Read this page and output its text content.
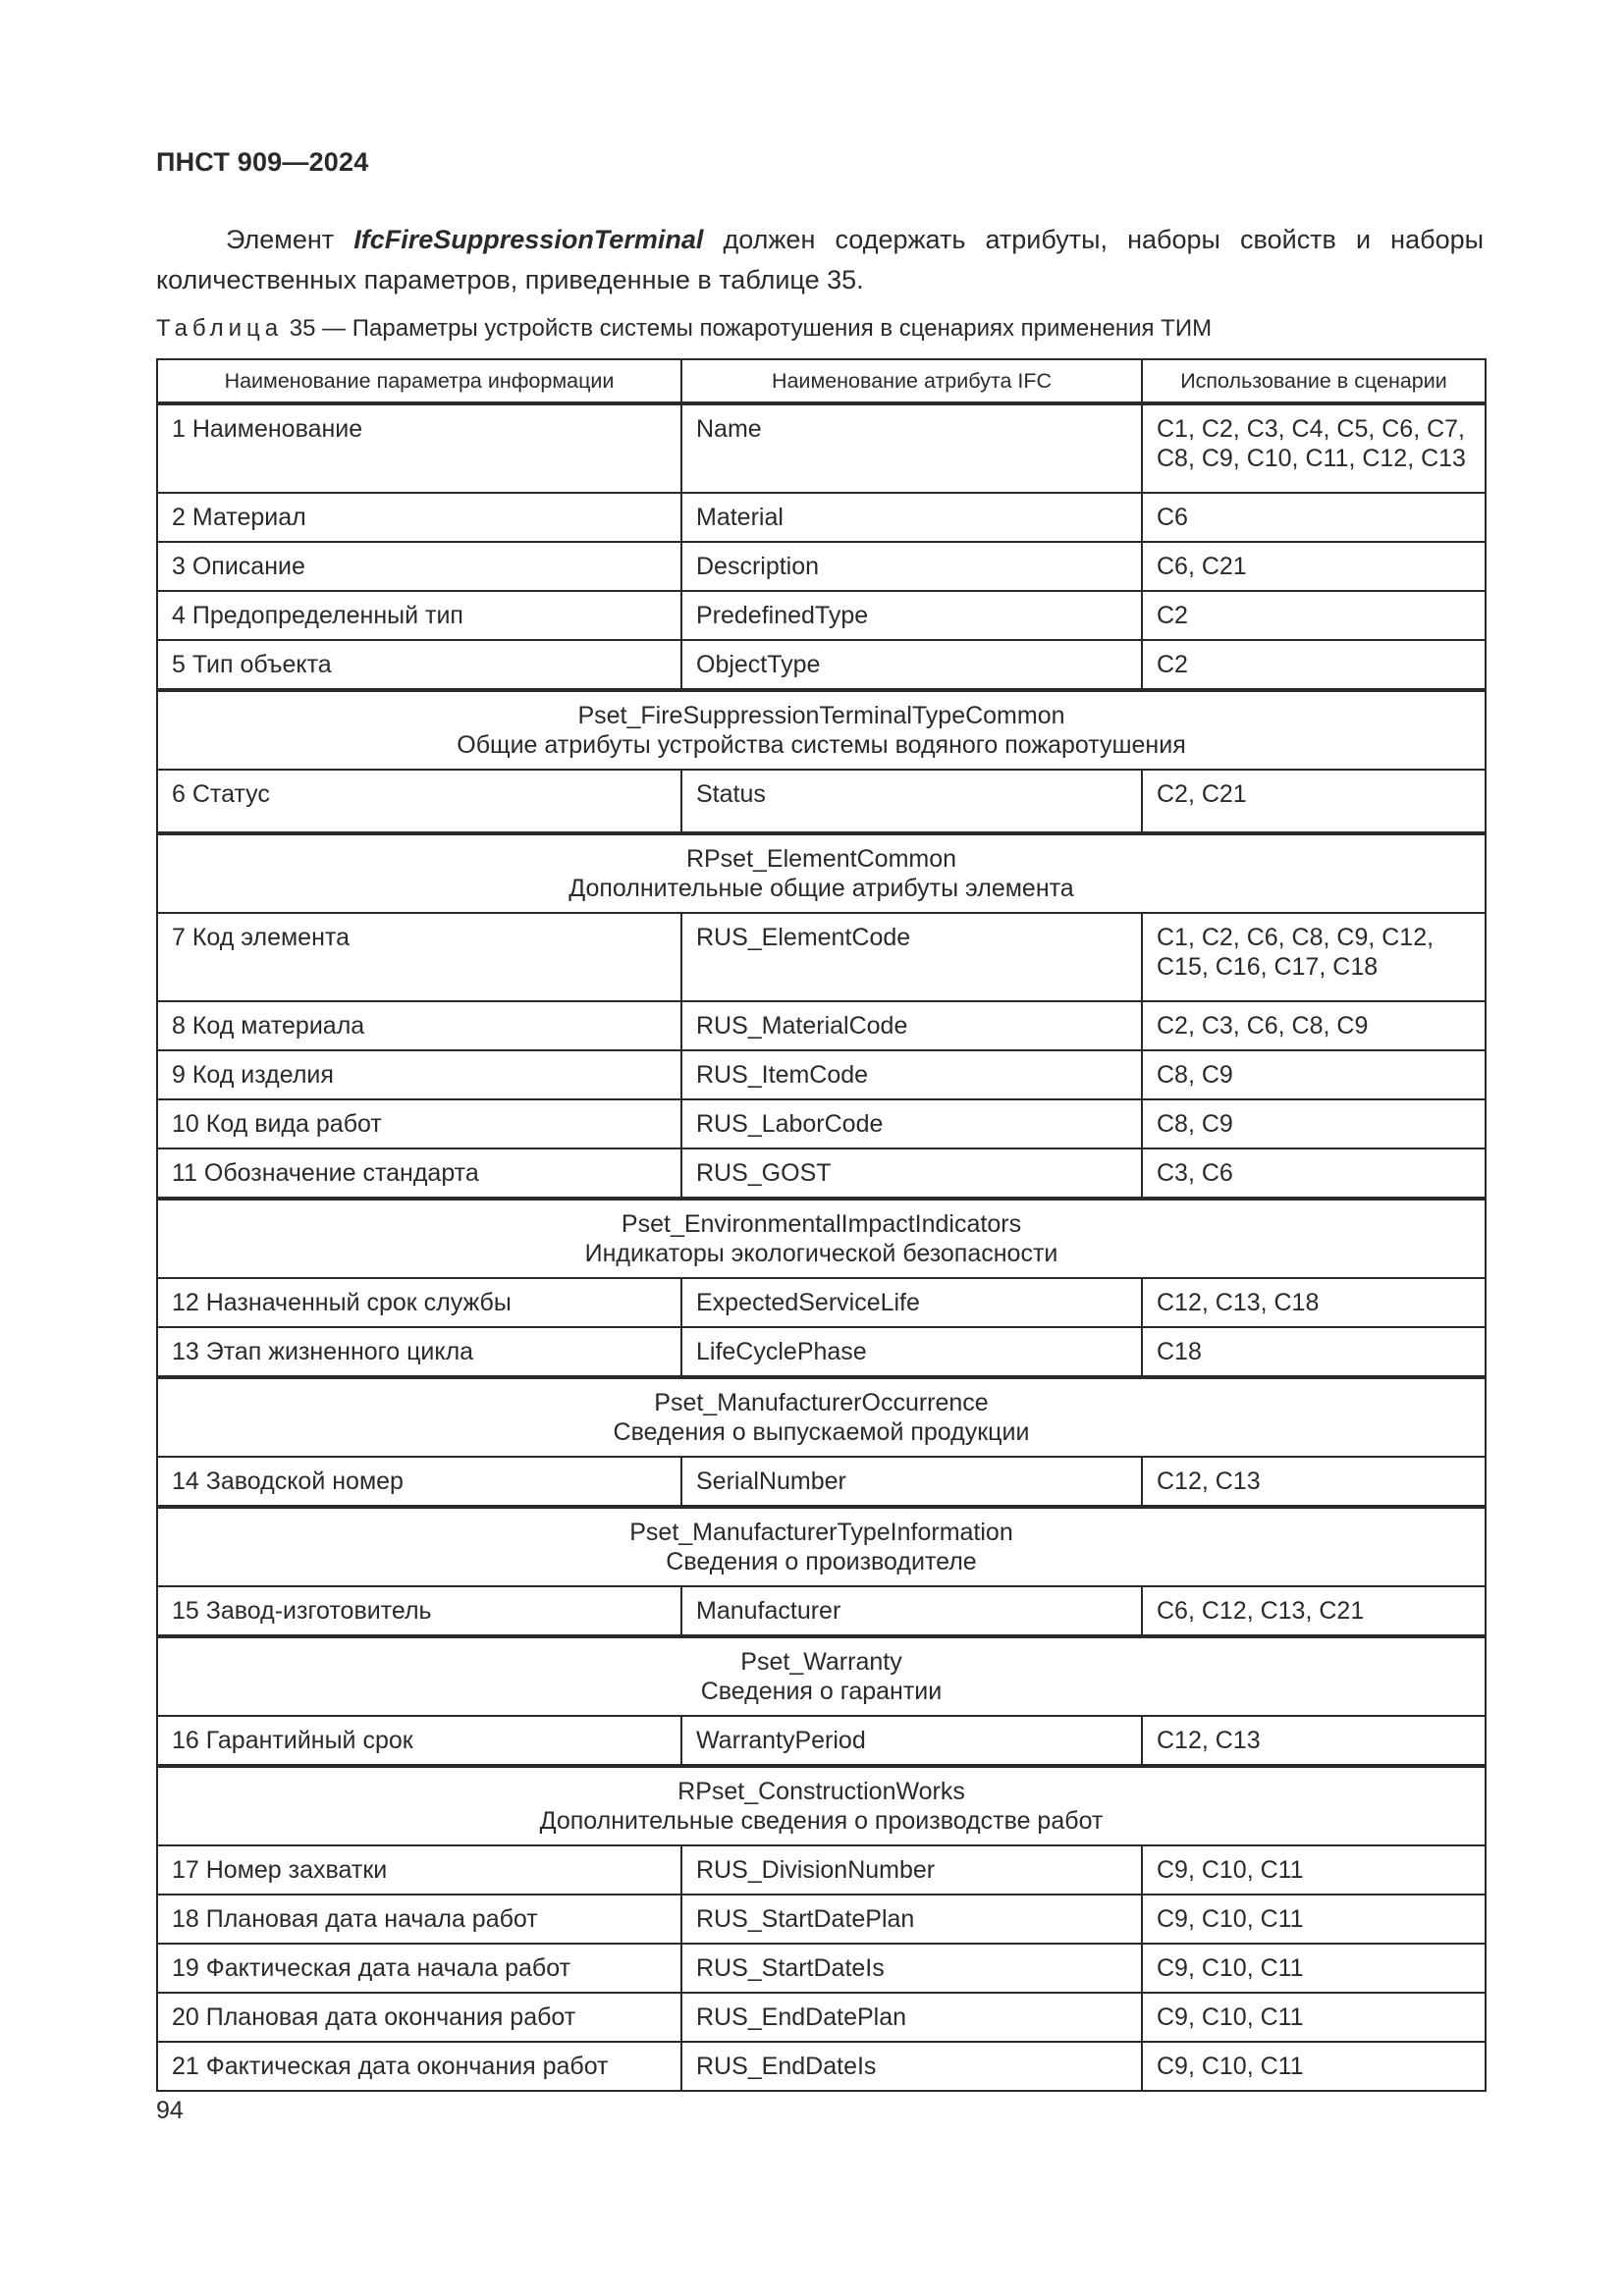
ПНСТ 909—2024

Элемент IfcFireSuppressionTerminal должен содержать атрибуты, наборы свойств и наборы количественных параметров, приведенные в таблице 35.

Таблица 35 — Параметры устройств системы пожаротушения в сценариях применения ТИМ
Наименование параметра информации	Наименование атрибута IFC	Использование в сценарии
1 Наименование	Name	С1, С2, С3, С4, С5, С6, С7, С8, С9, С10, С11, С12, С13
2 Материал	Material	С6
3 Описание	Description	С6, С21
4 Предопределенный тип	PredefinedType	С2
5 Тип объекта	ObjectType	С2

Pset_FireSuppressionTerminalTypeCommon
Общие атрибуты устройства системы водяного пожаротушения		

6 Статус	Status	С2, С21

RPset_ElementCommon
Дополнительные общие атрибуты элемента		

7 Код элемента	RUS_ElementCode	С1, С2, С6, С8, С9, С12, С15, С16, С17, С18
8 Код материала	RUS_MaterialCode	С2, С3, С6, С8, С9
9 Код изделия	RUS_ItemCode	С8, С9
10 Код вида работ	RUS_LaborCode	С8, С9
11 Обозначение стандарта	RUS_GOST	С3, С6

Pset_EnvironmentalImpactIndicators
Индикаторы экологической безопасности		

12 Назначенный срок службы	ExpectedServiceLife	С12, С13, С18
13 Этап жизненного цикла	LifeCyclePhase	С18

Pset_ManufacturerOccurrence
Сведения о выпускаемой продукции		

14 Заводской номер	SerialNumber	С12, С13

Pset_ManufacturerTypeInformation
Сведения о производителе		

15 Завод-изготовитель	Manufacturer	С6, С12, С13, С21

Pset_Warranty
Сведения о гарантии		

16 Гарантийный срок	WarrantyPeriod	С12, С13

RPset_ConstructionWorks
Дополнительные сведения о производстве работ		

17 Номер захватки	RUS_DivisionNumber	С9, С10, С11
18 Плановая дата начала работ	RUS_StartDatePlan	С9, С10, С11
19 Фактическая дата начала работ	RUS_StartDateIs	С9, С10, С11
20 Плановая дата окончания работ	RUS_EndDatePlan	С9, С10, С11
21 Фактическая дата окончания работ	RUS_EndDateIs	С9, С10, С11
94
